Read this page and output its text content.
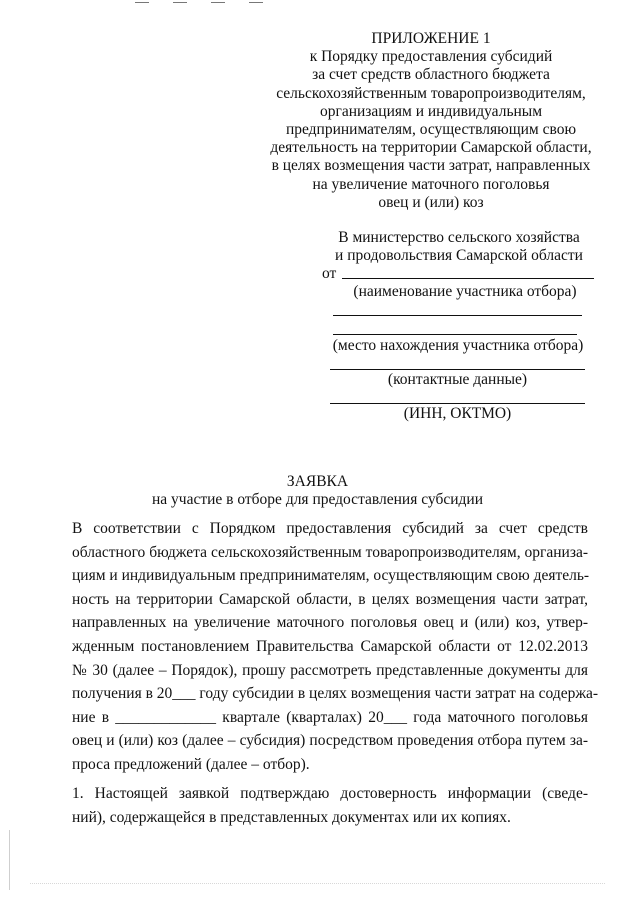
ПРИЛОЖЕНИЕ 1
к Порядку предоставления субсидий
за счет средств областного бюджета
сельскохозяйственным товаропроизводителям,
организациям и индивидуальным
предпринимателям, осуществляющим свою
деятельность на территории Самарской области,
в целях возмещения части затрат, направленных
на увеличение маточного поголовья
овец и (или) коз
В министерство сельского хозяйства
и продовольствия Самарской области
от
(наименование участника отбора)
(место нахождения участника отбора)
(контактные данные)
(ИНН, ОКТМО)
ЗАЯВКА
на участие в отборе для предоставления субсидии
В соответствии с Порядком предоставления субсидий за счет средств
областного бюджета сельскохозяйственным товаропроизводителям, организа-
циям и индивидуальным предпринимателям, осуществляющим свою деятель-
ность на территории Самарской области, в целях возмещения части затрат,
направленных на увеличение маточного поголовья овец и (или) коз, утвер-
жденным постановлением Правительства Самарской области от 12.02.2013
№ 30 (далее – Порядок), прошу рассмотреть представленные документы для
получения в 20___ году субсидии в целях возмещения части затрат на содержа-
ние в _____________ квартале (кварталах) 20___ года маточного поголовья
овец и (или) коз (далее – субсидия) посредством проведения отбора путем за-
проса предложений (далее – отбор).
1. Настоящей заявкой подтверждаю достоверность информации (сведе-
ний), содержащейся в представленных документах или их копиях.
